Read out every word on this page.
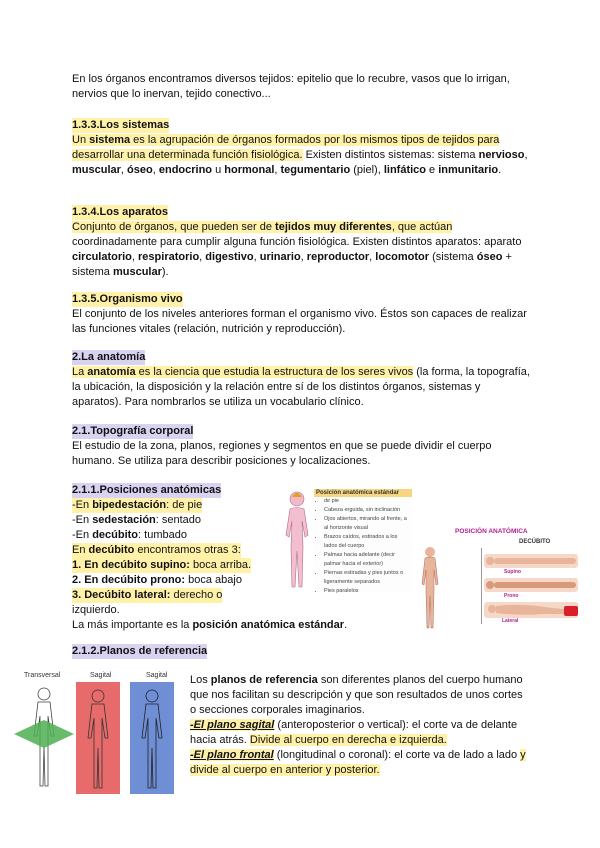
En los órganos encontramos diversos tejidos: epitelio que lo recubre, vasos que lo irrigan, nervios que lo inervan, tejido conectivo...

1.3.3.Los sistemas

Un sistema es la agrupación de órganos formados por los mismos tipos de tejidos para desarrollar una determinada función fisiológica. Existen distintos sistemas: sistema nervioso, muscular, óseo, endocrino u hormonal, tegumentario (piel), linfático e inmunitario.

1.3.4.Los aparatos

Conjunto de órganos, que pueden ser de tejidos muy diferentes, que actúan coordinadamente para cumplir alguna función fisiológica. Existen distintos aparatos: aparato circulatorio, respiratorio, digestivo, urinario, reproductor, locomotor (sistema óseo + sistema muscular).

1.3.5.Organismo vivo

El conjunto de los niveles anteriores forman el organismo vivo. Éstos son capaces de realizar las funciones vitales (relación, nutrición y reproducción).

2.La anatomía

La anatomía es la ciencia que estudia la estructura de los seres vivos (la forma, la topografía, la ubicación, la disposición y la relación entre sí de los distintos órganos, sistemas y aparatos). Para nombrarlos se utiliza un vocabulario clínico.

2.1.Topografía corporal

El estudio de la zona, planos, regiones y segmentos en que se puede dividir el cuerpo humano. Se utiliza para describir posiciones y localizaciones.

2.1.1.Posiciones anatómicas

-En bipedestación: de pie

-En sedestación: sentado

-En decúbito: tumbado

En decúbito encontramos otras 3:

1. En decúbito supino: boca arriba.

2. En decúbito prono: boca abajo

3. Decúbito lateral: derecho o

izquierdo.

La más importante es la posición anatómica estándar.

Posición anatómica estándar
• de pie
• Cabeza erguida, sin inclinación
• Ojos abiertos, mirando al frente, a al horizonte visual
• Brazos caídos, estirados a los lados del cuerpo
• Palmas hacia adelante (decir palmar hacia el exterior)
• Piernas estiradas y pies juntos o ligeramente separados
• Pies paralelos
POSICIÓN ANATÓMICA
DECÚBITO
Supino
Prono
Lateral

2.1.2.Planos de referencia

Transversal	Sagital	Sagital Los planos de referencia son diferentes planos del cuerpo humano que nos facilitan su descripción y que son resultados de unos cortes o secciones corporales imaginarios.

-El plano sagital (anteroposterior o vertical): el corte va de delante hacia atrás. Divide al cuerpo en derecha e izquierda.

-El plano frontal (longitudinal o coronal): el corte va de lado a lado y divide al cuerpo en anterior y posterior.
